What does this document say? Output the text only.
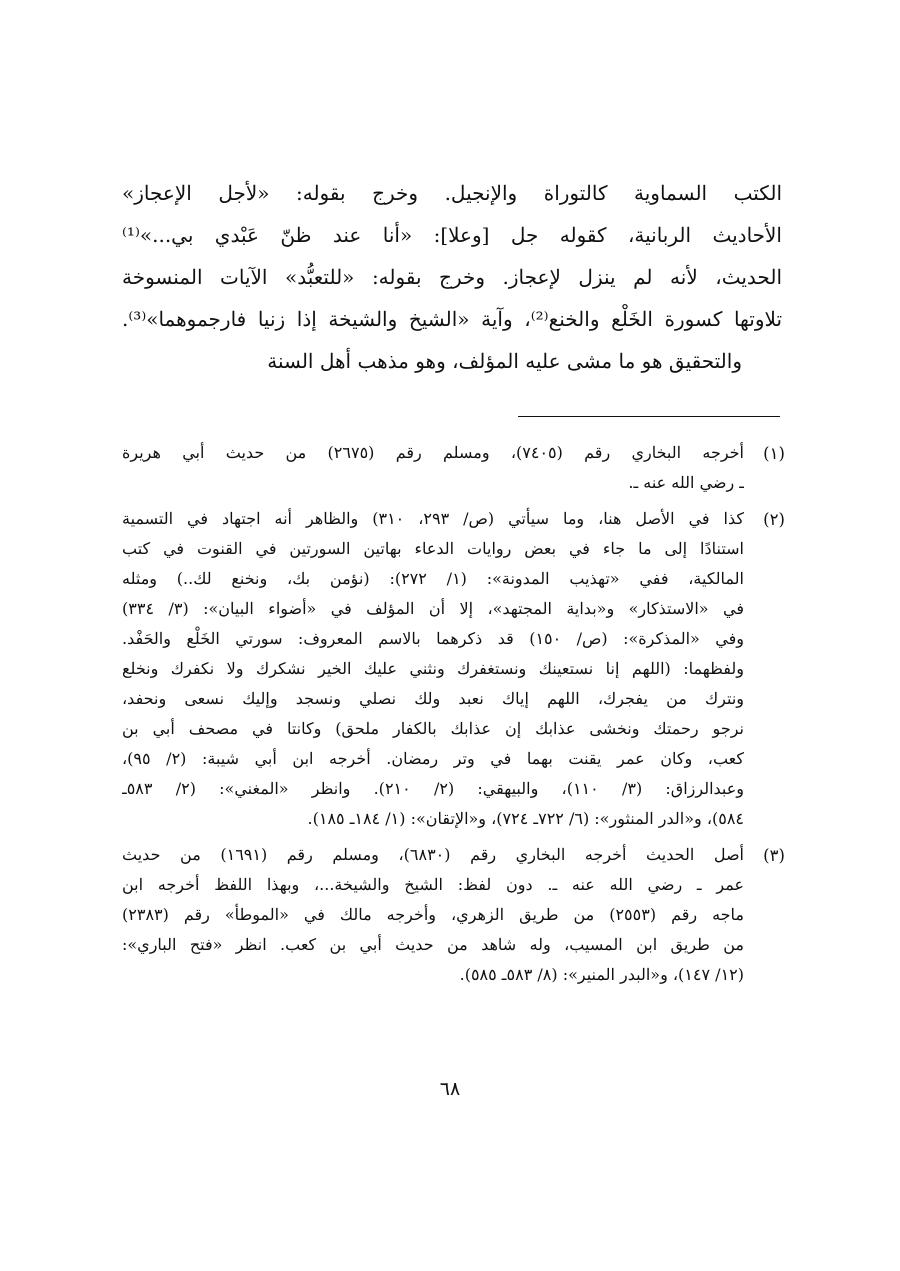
الكتب السماوية كالتوراة والإنجيل. وخرج بقوله: «لأجل الإعجاز»
الأحاديث الربانية، كقوله جل [وعلا]: «أنا عند ظنّ عَبْدي بي...»⁽¹⁾
الحديث، لأنه لم ينزل لإعجاز. وخرج بقوله: «للتعبُّد» الآيات المنسوخة
تلاوتها كسورة الخَلْع والخنع⁽²⁾، وآية «الشيخ والشيخة إذا زنيا فارجموهما»⁽³⁾.
والتحقيق هو ما مشى عليه المؤلف، وهو مذهب أهل السنة
(١)
أخرجه البخاري رقم (٧٤٠٥)، ومسلم رقم (٢٦٧٥) من حديث أبي هريرة
ـ رضي الله عنه ـ.
(٢)
كذا في الأصل هنا، وما سيأتي (ص/ ٢٩٣، ٣١٠) والظاهر أنه اجتهاد في التسمية
استنادًا إلى ما جاء في بعض روايات الدعاء بهاتين السورتين في القنوت في كتب
المالكية، ففي «تهذيب المدونة»: (١/ ٢٧٢): (نؤمن بك، ونخنع لك..) ومثله
في «الاستذكار» و«بداية المجتهد»، إلا أن المؤلف في «أضواء البيان»: (٣/ ٣٣٤)
وفي «المذكرة»: (ص/ ١٥٠) قد ذكرهما بالاسم المعروف: سورتي الخَلْع والحَفْد.
ولفظهما: (اللهم إنا نستعينك ونستغفرك ونثني عليك الخير نشكرك ولا نكفرك ونخلع
ونترك من يفجرك، اللهم إياك نعبد ولك نصلي ونسجد وإليك نسعى ونحفد،
نرجو رحمتك ونخشى عذابك إن عذابك بالكفار ملحق) وكانتا في مصحف أبي بن
كعب، وكان عمر يقنت بهما في وتر رمضان. أخرجه ابن أبي شيبة: (٢/ ٩٥)،
وعبدالرزاق: (٣/ ١١٠)، والبيهقي: (٢/ ٢١٠). وانظر «المغني»: (٢/ ٥٨٣ـ
٥٨٤)، و«الدر المنثور»: (٦/ ٧٢٢ـ ٧٢٤)، و«الإتقان»: (١/ ١٨٤ـ ١٨٥).
(٣)
أصل الحديث أخرجه البخاري رقم (٦٨٣٠)، ومسلم رقم (١٦٩١) من حديث
عمر ـ رضي الله عنه ـ. دون لفظ: الشيخ والشيخة...، وبهذا اللفظ أخرجه ابن
ماجه رقم (٢٥٥٣) من طريق الزهري، وأخرجه مالك في «الموطأ» رقم (٢٣٨٣)
من طريق ابن المسيب، وله شاهد من حديث أبي بن كعب. انظر «فتح الباري»:
(١٢/ ١٤٧)، و«البدر المنير»: (٨/ ٥٨٣ـ ٥٨٥).
٦٨
